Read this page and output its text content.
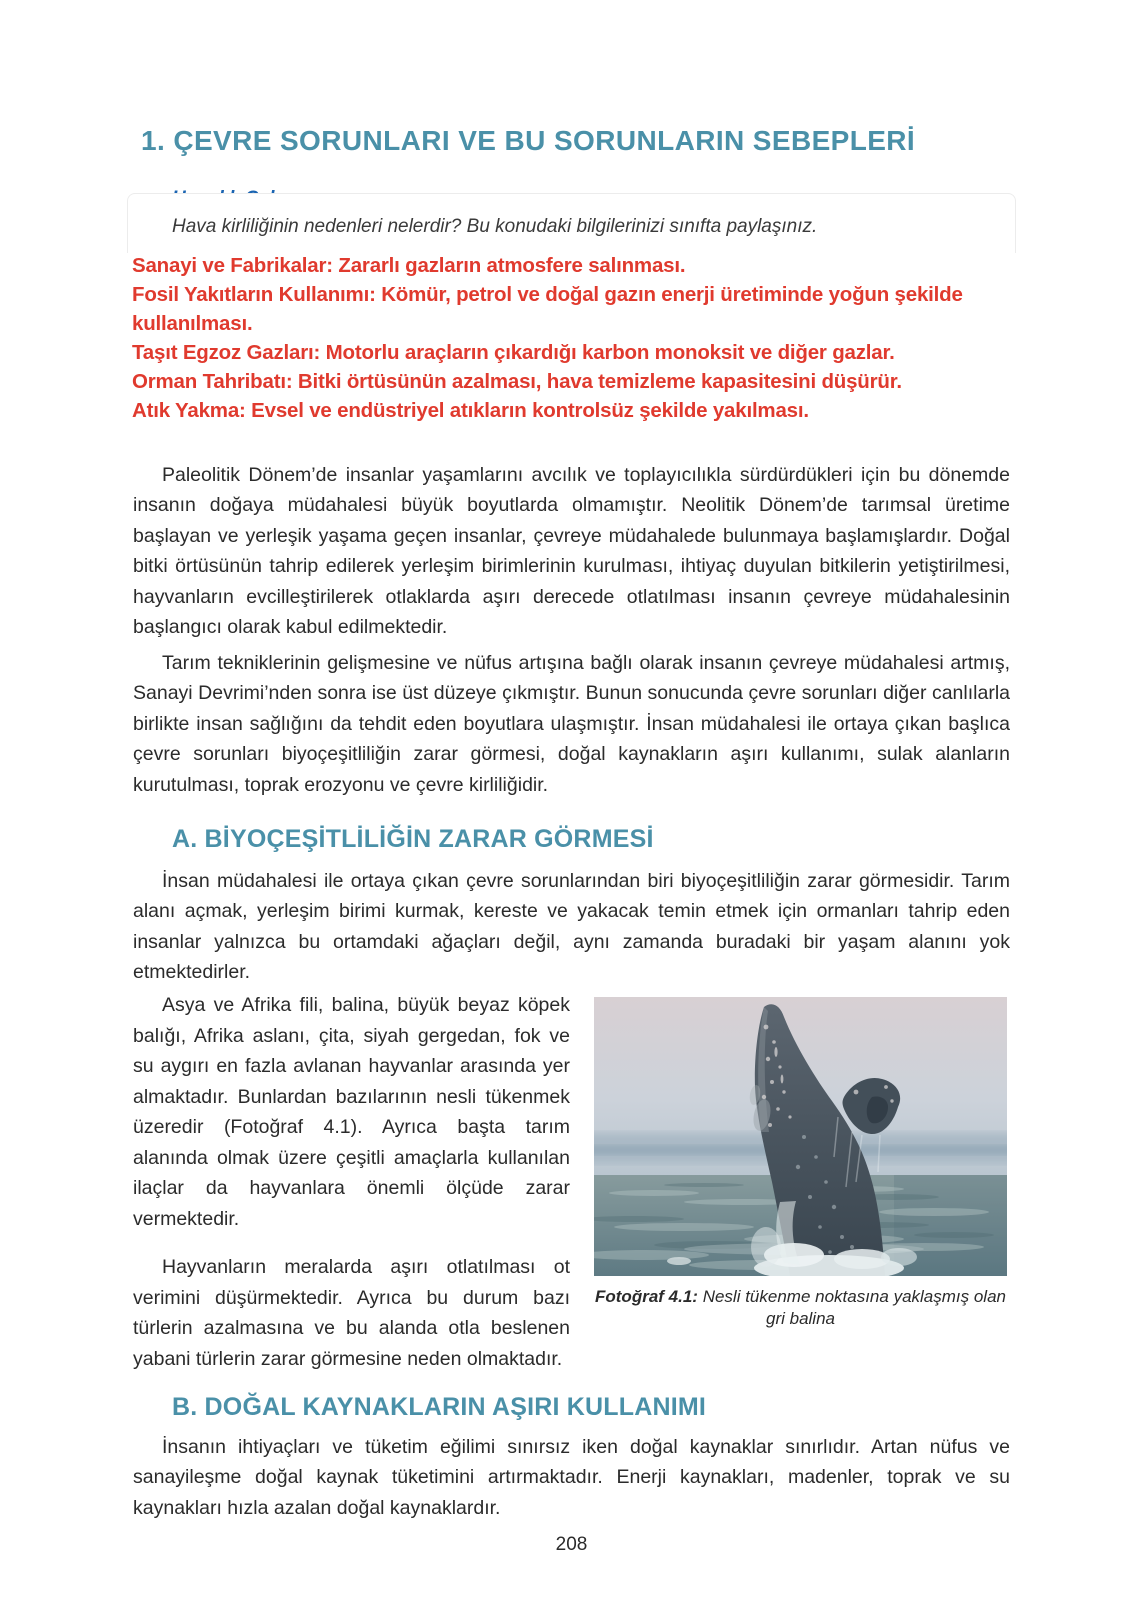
1. ÇEVRE SORUNLARI VE BU SORUNLARIN SEBEPLERİ

Hava kirliliğinin nedenleri nelerdir? Bu konudaki bilgilerinizi sınıfta paylaşınız.

Sanayi ve Fabrikalar: Zararlı gazların atmosfere salınması.
Fosil Yakıtların Kullanımı: Kömür, petrol ve doğal gazın enerji üretiminde yoğun şekilde kullanılması.
Taşıt Egzoz Gazları: Motorlu araçların çıkardığı karbon monoksit ve diğer gazlar.
Orman Tahribatı: Bitki örtüsünün azalması, hava temizleme kapasitesini düşürür.
Atık Yakma: Evsel ve endüstriyel atıkların kontrolsüz şekilde yakılması.

Paleolitik Dönem’de insanlar yaşamlarını avcılık ve toplayıcılıkla sürdürdükleri için bu dönemde insanın doğaya müdahalesi büyük boyutlarda olmamıştır. Neolitik Dönem’de tarımsal üretime başlayan ve yerleşik yaşama geçen insanlar, çevreye müdahalede bulunmaya başlamışlardır. Doğal bitki örtüsünün tahrip edilerek yerleşim birimlerinin kurulması, ihtiyaç duyulan bitkilerin yetiştirilmesi, hayvanların evcilleştirilerek otlaklarda aşırı derecede otlatılması insanın çevreye müdahalesinin başlangıcı olarak kabul edilmektedir.

Tarım tekniklerinin gelişmesine ve nüfus artışına bağlı olarak insanın çevreye müdahalesi artmış, Sanayi Devrimi’nden sonra ise üst düzeye çıkmıştır. Bunun sonucunda çevre sorunları diğer canlılarla birlikte insan sağlığını da tehdit eden boyutlara ulaşmıştır. İnsan müdahalesi ile ortaya çıkan başlıca çevre sorunları biyoçeşitliliğin zarar görmesi, doğal kaynakların aşırı kullanımı, sulak alanların kurutulması, toprak erozyonu ve çevre kirliliğidir.

A. BİYOÇEŞİTLİLİĞİN ZARAR GÖRMESİ

İnsan müdahalesi ile ortaya çıkan çevre sorunlarından biri biyoçeşitliliğin zarar görmesidir. Tarım alanı açmak, yerleşim birimi kurmak, kereste ve yakacak temin etmek için ormanları tahrip eden insanlar yalnızca bu ortamdaki ağaçları değil, aynı zamanda buradaki bir yaşam alanını yok etmektedirler.

Asya ve Afrika fili, balina, büyük beyaz köpek balığı, Afrika aslanı, çita, siyah gergedan, fok ve su aygırı en fazla avlanan hayvanlar arasında yer almaktadır. Bunlardan bazılarının nesli tükenmek üzeredir (Fotoğraf 4.1). Ayrıca başta tarım alanında olmak üzere çeşitli amaçlarla kullanılan ilaçlar da hayvanlara önemli ölçüde zarar vermektedir.

Hayvanların meralarda aşırı otlatılması ot verimini düşürmektedir. Ayrıca bu durum bazı türlerin azalmasına ve bu alanda otla beslenen yabani türlerin zarar görmesine neden olmaktadır.

Fotoğraf 4.1: Nesli tükenme noktasına yaklaşmış olan gri balina
B. DOĞAL KAYNAKLARIN AŞIRI KULLANIMI

İnsanın ihtiyaçları ve tüketim eğilimi sınırsız iken doğal kaynaklar sınırlıdır. Artan nüfus ve sanayileşme doğal kaynak tüketimini artırmaktadır. Enerji kaynakları, madenler, toprak ve su kaynakları hızla azalan doğal kaynaklardır.

208
